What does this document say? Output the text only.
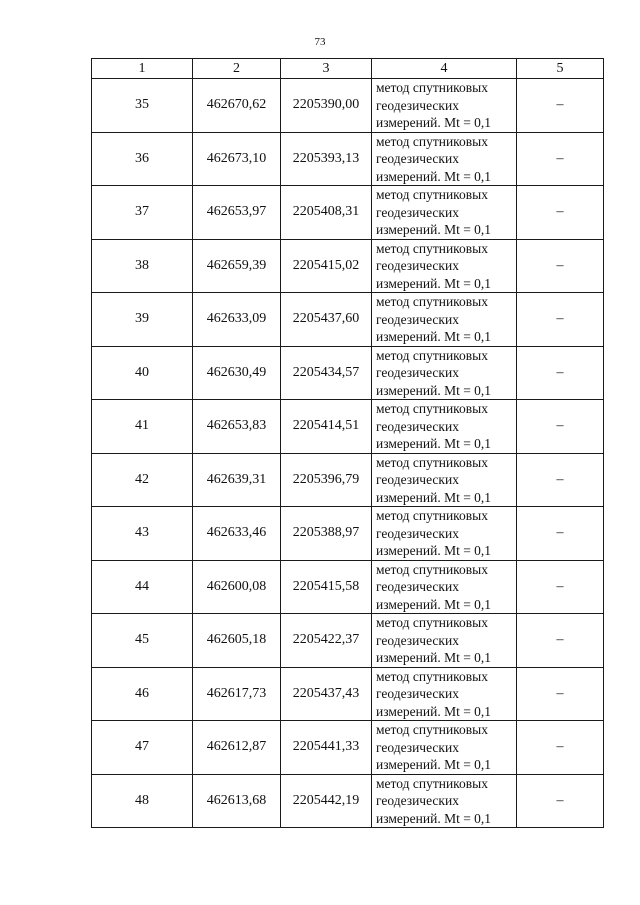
73
1	2	3	4	5
35	462670,62	2205390,00	метод спутниковых
геодезических
измерений. Mt = 0,1	–
36	462673,10	2205393,13	метод спутниковых
геодезических
измерений. Mt = 0,1	–
37	462653,97	2205408,31	метод спутниковых
геодезических
измерений. Mt = 0,1	–
38	462659,39	2205415,02	метод спутниковых
геодезических
измерений. Mt = 0,1	–
39	462633,09	2205437,60	метод спутниковых
геодезических
измерений. Mt = 0,1	–
40	462630,49	2205434,57	метод спутниковых
геодезических
измерений. Mt = 0,1	–
41	462653,83	2205414,51	метод спутниковых
геодезических
измерений. Mt = 0,1	–
42	462639,31	2205396,79	метод спутниковых
геодезических
измерений. Mt = 0,1	–
43	462633,46	2205388,97	метод спутниковых
геодезических
измерений. Mt = 0,1	–
44	462600,08	2205415,58	метод спутниковых
геодезических
измерений. Mt = 0,1	–
45	462605,18	2205422,37	метод спутниковых
геодезических
измерений. Mt = 0,1	–
46	462617,73	2205437,43	метод спутниковых
геодезических
измерений. Mt = 0,1	–
47	462612,87	2205441,33	метод спутниковых
геодезических
измерений. Mt = 0,1	–
48	462613,68	2205442,19	метод спутниковых
геодезических
измерений. Mt = 0,1	–
